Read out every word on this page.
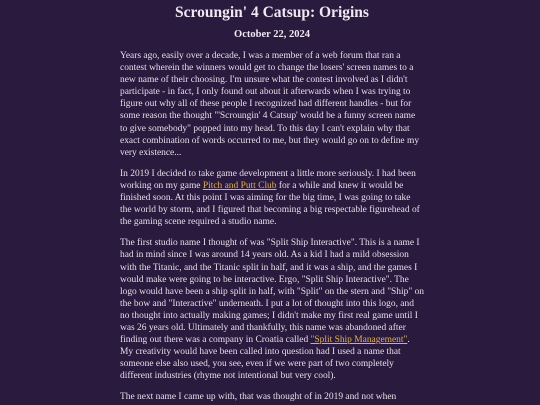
Scroungin' 4 Catsup: Origins
October 22, 2024

Years ago, easily over a decade, I was a member of a web forum that ran a contest wherein the winners would get to change the losers' screen names to a new name of their choosing. I'm unsure what the contest involved as I didn't participate - in fact, I only found out about it afterwards when I was trying to figure out why all of these people I recognized had different handles - but for some reason the thought "'Scroungin' 4 Catsup' would be a funny screen name to give somebody" popped into my head. To this day I can't explain why that exact combination of words occurred to me, but they would go on to define my very existence...

In 2019 I decided to take game development a little more seriously. I had been working on my game Pitch and Putt Club for a while and knew it would be finished soon. At this point I was aiming for the big time, I was going to take the world by storm, and I figured that becoming a big respectable figurehead of the gaming scene required a studio name.

The first studio name I thought of was "Split Ship Interactive". This is a name I had in mind since I was around 14 years old. As a kid I had a mild obsession with the Titanic, and the Titanic split in half, and it was a ship, and the games I would make were going to be interactive. Ergo, "Split Ship Interactive". The logo would have been a ship split in half, with "Split" on the stern and "Ship" on the bow and "Interactive" underneath. I put a lot of thought into this logo, and no thought into actually making games; I didn't make my first real game until I was 26 years old. Ultimately and thankfully, this name was abandoned after finding out there was a company in Croatia called "Split Ship Management". My creativity would have been called into question had I used a name that someone else also used, you see, even if we were part of two completely different industries (rhyme not intentional but very cool).

The next name I came up with, that was thought of in 2019 and not when
